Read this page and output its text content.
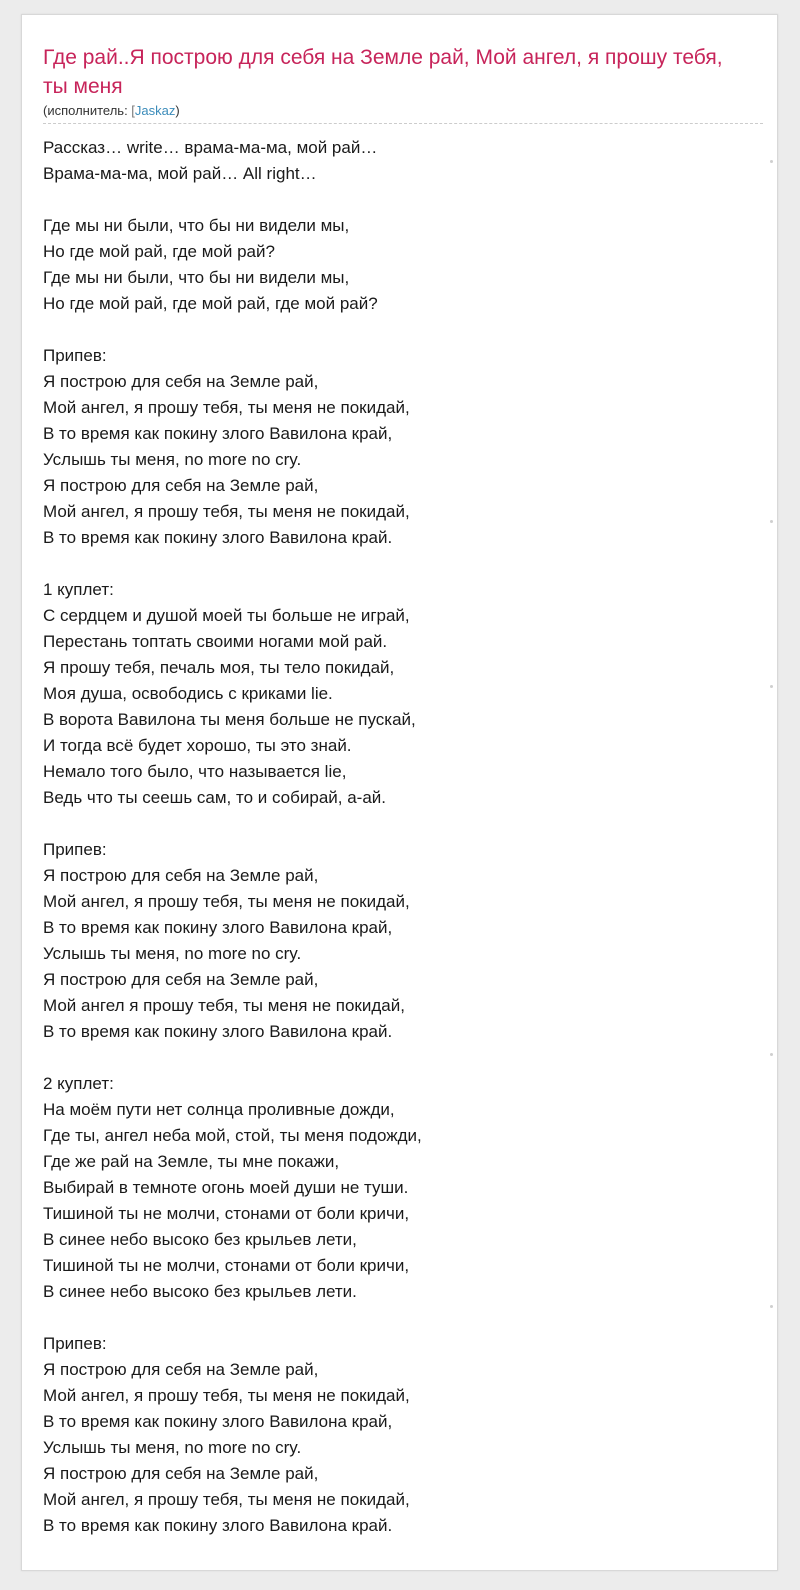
Где рай..Я построю для себя на Земле рай, Мой ангел, я прошу тебя, ты меня
(исполнитель: [Jaskaz)
Рассказ… write… врама-ма-ма, мой рай…
Врама-ма-ма, мой рай… All right…
Где мы ни были, что бы ни видели мы,
Но где мой рай, где мой рай?
Где мы ни были, что бы ни видели мы,
Но где мой рай, где мой рай, где мой рай?
Припев:
Я построю для себя на Земле рай,
Мой ангел, я прошу тебя, ты меня не покидай,
В то время как покину злого Вавилона край,
Услышь ты меня, no more no cry.
Я построю для себя на Земле рай,
Мой ангел, я прошу тебя, ты меня не покидай,
В то время как покину злого Вавилона край.
1 куплет:
С сердцем и душой моей ты больше не играй,
Перестань топтать своими ногами мой рай.
Я прошу тебя, печаль моя, ты тело покидай,
Моя душа, освободись с криками lie.
В ворота Вавилона ты меня больше не пускай,
И тогда всё будет хорошо, ты это знай.
Немало того было, что называется lie,
Ведь что ты сеешь сам, то и собирай, а-ай.
Припев:
Я построю для себя на Земле рай,
Мой ангел, я прошу тебя, ты меня не покидай,
В то время как покину злого Вавилона край,
Услышь ты меня, no more no cry.
Я построю для себя на Земле рай,
Мой ангел я прошу тебя, ты меня не покидай,
В то время как покину злого Вавилона край.
2 куплет:
На моём пути нет солнца проливные дожди,
Где ты, ангел неба мой, стой, ты меня подожди,
Где же рай на Земле, ты мне покажи,
Выбирай в темноте огонь моей души не туши.
Тишиной ты не молчи, стонами от боли кричи,
В синее небо высоко без крыльев лети,
Тишиной ты не молчи, стонами от боли кричи,
В синее небо высоко без крыльев лети.
Припев:
Я построю для себя на Земле рай,
Мой ангел, я прошу тебя, ты меня не покидай,
В то время как покину злого Вавилона край,
Услышь ты меня, no more no cry.
Я построю для себя на Земле рай,
Мой ангел, я прошу тебя, ты меня не покидай,
В то время как покину злого Вавилона край.
